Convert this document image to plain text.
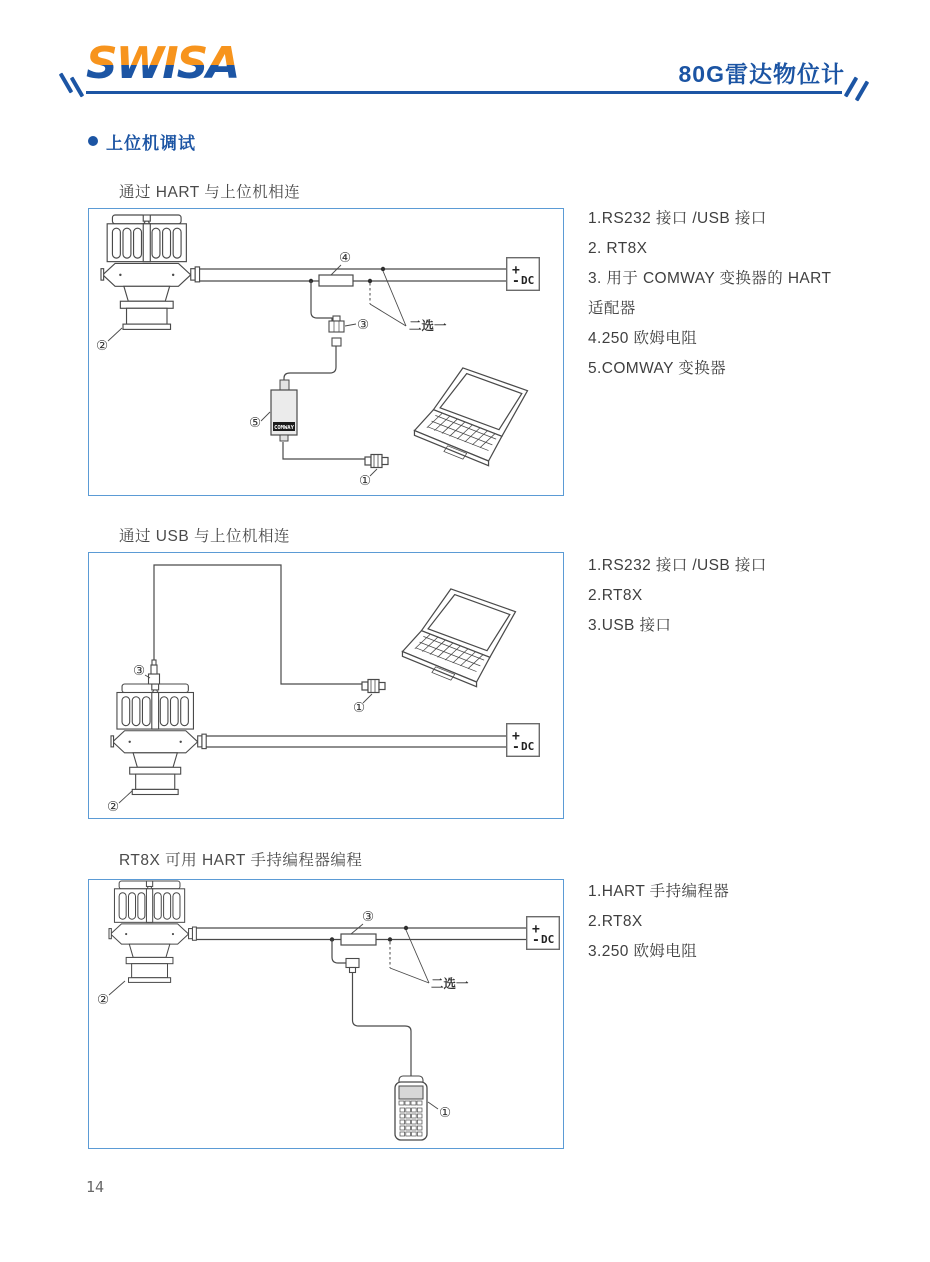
SWISA	80G雷达物位计
上位机调试
通过 HART 与上位机相连
④
二选一
③
⑤
①
②
1.RS232 接口 /USB 接口
2. RT8X
3. 用于 COMWAY 变换器的 HART
适配器
4.250 欧姆电阻
5.COMWAY 变换器
通过 USB 与上位机相连
③
①
②
1.RS232 接口 /USB 接口
2.RT8X
3.USB 接口
RT8X 可用 HART 手持编程器编程
③
二选一
①
②
1.HART 手持编程器
2.RT8X
3.250 欧姆电阻
14
